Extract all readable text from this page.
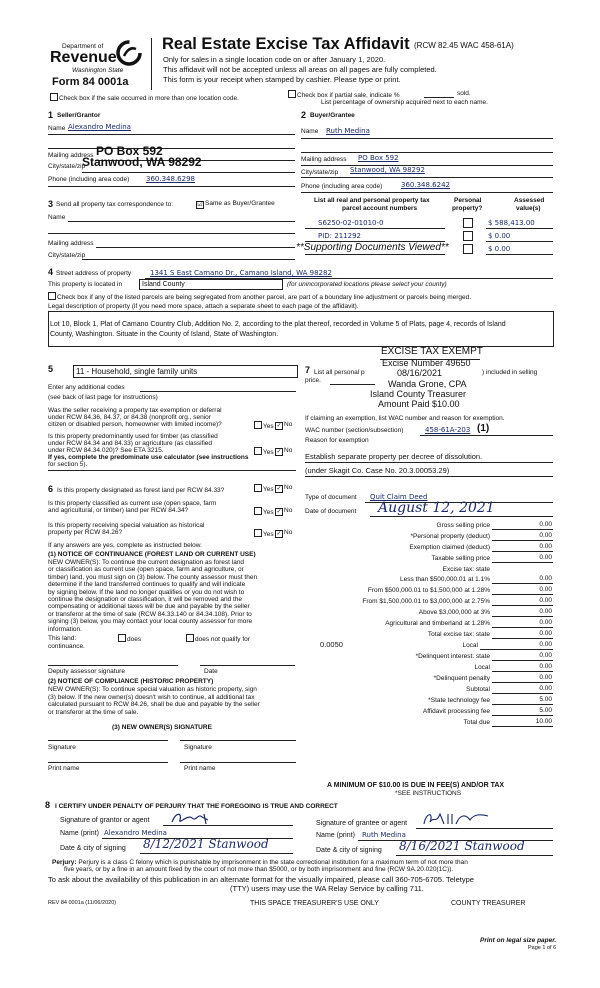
Department of
Revenue
Washington State
Form 84 0001a
Real Estate Excise Tax Affidavit (RCW 82.45 WAC 458-61A)
Only for sales in a single location code on or after January 1, 2020.
This affidavit will not be accepted unless all areas on all pages are fully completed.
This form is your receipt when stamped by cashier. Please type or print.
Check box if the sale occurred in more than one location code.	Check box if partial sale, indicate %	sold.
List percentage of ownership acquired next to each name.
1 Seller/Grantor
Name Alexandro Medina
Mailing address PO Box 592
City/state/zip
Stanwood, WA 98292
Phone (including area code) 360.348.6298
2 Buyer/Grantee
Name Ruth Medina
Mailing address PO Box 592
City/state/zip Stanwood, WA 98292
Phone (including area code)	360.348.6242
3 Send all property tax correspondence to:	☑ Same as Buyer/Grantee
Name
Mailing address
City/state/zip
List all real and personal property tax
parcel account numbers
Personal
property?
Assessed
value(s)
S6250-02-01010-0	$ 588,413.00
PID: 211292	$ 0.00
**Supporting Documents Viewed**	$ 0.00
4 Street address of property	1341 S East Camano Dr., Camano Island, WA 98282
This property is located in	Island County	(for unincorporated locations please select your county)
Check box if any of the listed parcels are being segregated from another parcel, are part of a boundary line adjustment or parcels being merged.
Legal description of property (if you need more space, attach a separate sheet to each page of the affidavit).
Lot 10, Block 1, Plat of Camano Country Club, Addition No. 2, according to the plat thereof, recorded in Volume 5 of Plats, page 4, records of Island
County, Washington. Situate in the County of Island, State of Washington.
EXCISE TAX EXEMPT
Excise Number 49650
08/16/2021
Wanda Grone, CPA
Island County Treasurer
Amount Paid $10.00
5	11 - Household, single family units
Enter any additional codes
(see back of last page for instructions)
Was the seller receiving a property tax exemption or deferral
under RCW 84.36, 84.37, or 84.38 (nonprofit org., senior
citizen or disabled person, homeowner with limited income)?	Yes ✓ No
Is this property predominantly used for timber (as classified
under RCW 84.34 and 84.33) or agriculture (as classified
under RCW 84.34.020)? See ETA 3215.	Yes ✓ No
If yes, complete the predominate use calculator (see instructions
for section 5).
6 Is this property designated as forest land per RCW 84.33?	Yes ✓ No
Is this property classified as current use (open space, farm
and agricultural, or timber) land per RCW 84.34?	Yes ✓ No
Is this property receiving special valuation as historical
property per RCW 84.26?	Yes ✓ No
If any answers are yes, complete as instructed below.
(1) NOTICE OF CONTINUANCE (FOREST LAND OR CURRENT USE)
NEW OWNER(S): To continue the current designation as forest land
or classification as current use (open space, farm and agriculture, or
timber) land, you must sign on (3) below. The county assessor must then
determine if the land transferred continues to qualify and will indicate
by signing below. If the land no longer qualifies or you do not wish to
continue the designation or classification, it will be removed and the
compensating or additional taxes will be due and payable by the seller
or transferor at the time of sale (RCW 84.33.140 or 84.34.108). Prior to
signing (3) below, you may contact your local county assessor for more
information.
This land:	does	does not qualify for
continuance.
Deputy assessor signature	Date
(2) NOTICE OF COMPLIANCE (HISTORIC PROPERTY)
NEW OWNER(S): To continue special valuation as historic property, sign
(3) below. If the new owner(s) doesn't wish to continue, all additional tax
calculated pursuant to RCW 84.26, shall be due and payable by the seller
or transferor at the time of sale.
(3) NEW OWNER(S) SIGNATURE
Signature	Signature
Print name	Print name
7 List all personal p	) included in selling
price.
If claiming an exemption, list WAC number and reason for exemption.
WAC number (section/subsection)	458-61A-203 (1)
Reason for exemption
Establish separate property per decree of dissolution.
(under Skagit Co. Case No. 20.3.00053.29)
Type of document Quit Claim Deed
Date of document August 12, 2021
Gross selling price	0.00
*Personal property (deduct)	0.00
Exemption claimed (deduct)	0.00
Taxable selling price	0.00
Excise tax: state
Less than $500,000.01 at 1.1%	0.00
From $500,000.01 to $1,500,000 at 1.28%	0.00
From $1,500,000.01 to $3,000,000 at 2.75%	0.00
Above $3,000,000 at 3%	0.00
Agricultural and timberland at 1.28%	0.00
Total excise tax: state	0.00
Local
0.0050	0.00
*Delinquent interest: state	0.00
Local	0.00
*Delinquent penalty	0.00
Subtotal	0.00
*State technology fee	5.00
Affidavit processing fee	5.00
Total due	10.00
A MINIMUM OF $10.00 IS DUE IN FEE(S) AND/OR TAX
*SEE INSTRUCTIONS
8 I CERTIFY UNDER PENALTY OF PERJURY THAT THE FOREGOING IS TRUE AND CORRECT
Signature of grantor or agent
Name (print) Alexandro Medina
Date & city of signing 8/12/2021 Stanwood
Signature of grantee or agent
Name (print) Ruth Medina
Date & city of signing 8/16/2021 Stanwood
Perjury: Perjury is a class C felony which is punishable by imprisonment in the state correctional institution for a maximum term of not more than
five years, or by a fine in an amount fixed by the court of not more than $5000, or by both imprisonment and fine (RCW 9A.20.020(1C)).
To ask about the availability of this publication in an alternate format for the visually impaired, please call 360-705-6705. Teletype
(TTY) users may use the WA Relay Service by calling 711.
REV 84 0001a (11/06/2020)	THIS SPACE TREASURER'S USE ONLY	COUNTY TREASURER
Print on legal size paper.
Page 1 of 6
